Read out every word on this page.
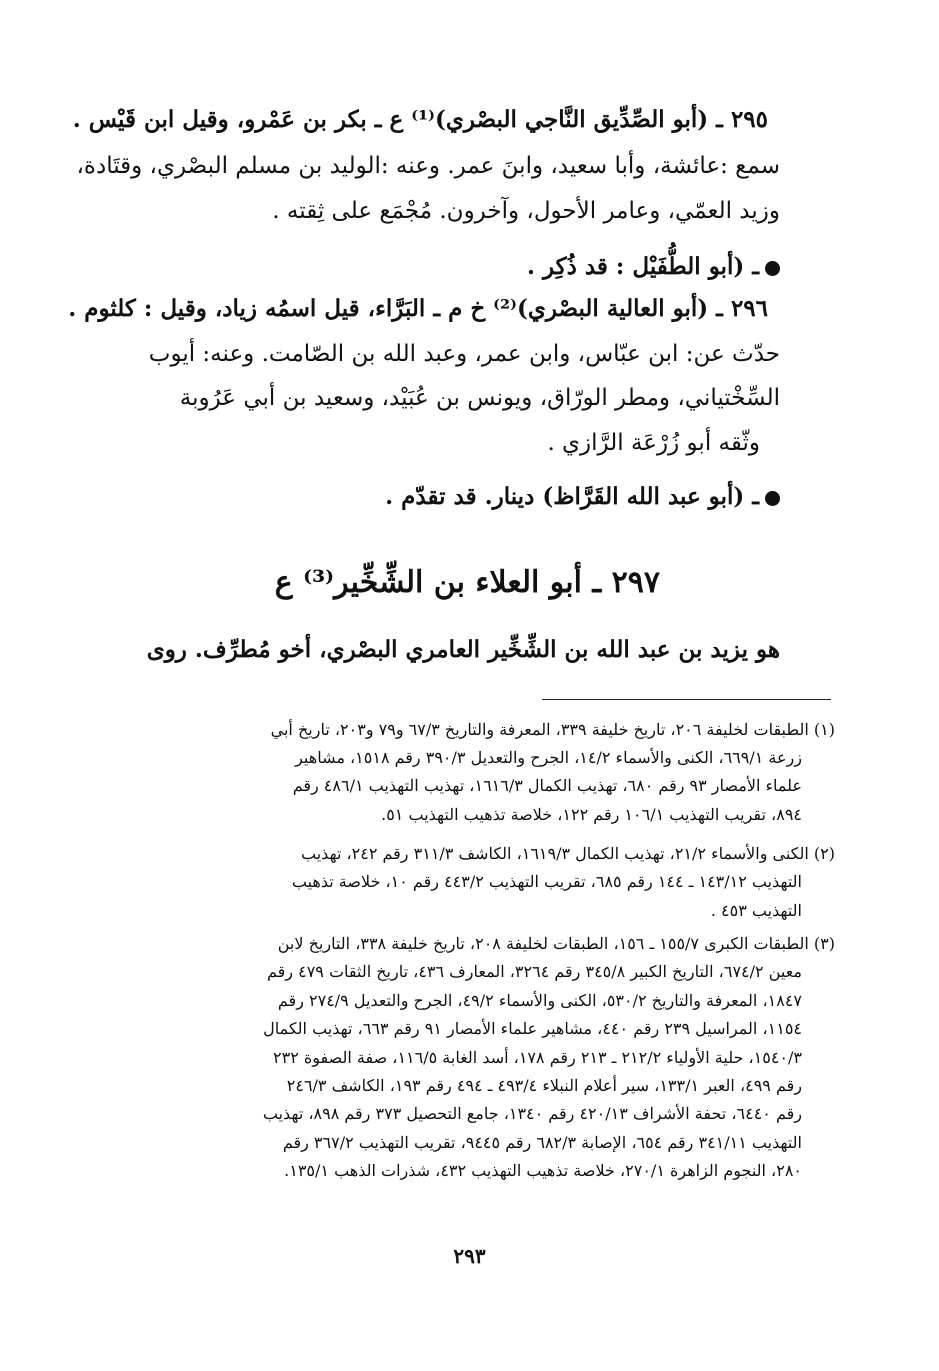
٢٩٥ ـ (أبو الصِّدِّيق النَّاجي البصْري)⁽¹⁾ ع ـ بكر بن عَمْرو، وقيل ابن قَيْس .
سمع :عائشة، وأبا سعيد، وابنَ عمر. وعنه :الوليد بن مسلم البصْري، وقتَادة،
وزيد العمّي، وعامر الأحول، وآخرون. مُجْمَع على ثِقته .
ـ (أبو الطُّفَيْل : قد ذُكِر .
٢٩٦ ـ (أبو العالية البصْري)⁽²⁾ خ م ـ البَرَّاء، قيل اسمُه زياد، وقيل : كلثوم .
حدّث عن: ابن عبّاس، وابن عمر، وعبد الله بن الصّامت. وعنه: أيوب
السِّخْتياني، ومطر الورّاق، ويونس بن عُبَيْد، وسعيد بن أبي عَرُوبة
وثّقه أبو زُرْعَة الرَّازي .
ـ (أبو عبد الله القَرَّاظ) دينار. قد تقدّم .
٢٩٧ ـ أبو العلاء بن الشِّخِّير⁽³⁾ ع
هو يزيد بن عبد الله بن الشِّخِّير العامري البصْري، أخو مُطرِّف. روى
(١) الطبقات لخليفة ٢٠٦، تاريخ خليفة ٣٣٩، المعرفة والتاريخ ٦٧/٣ و٧٩ و٢٠٣، تاريخ أبي
زرعة ٦٦٩/١، الكنى والأسماء ١٤/٢، الجرح والتعديل ٣٩٠/٣ رقم ١٥١٨، مشاهير
علماء الأمصار ٩٣ رقم ٦٨٠، تهذيب الكمال ١٦١٦/٣، تهذيب التهذيب ٤٨٦/١ رقم
٨٩٤، تقريب التهذيب ١٠٦/١ رقم ١٢٢، خلاصة تذهيب التهذيب ٥١.
(٢) الكنى والأسماء ٢١/٢، تهذيب الكمال ١٦١٩/٣، الكاشف ٣١١/٣ رقم ٢٤٢، تهذيب
التهذيب ١٤٣/١٢ ـ ١٤٤ رقم ٦٨٥، تقريب التهذيب ٤٤٣/٢ رقم ١٠، خلاصة تذهيب
التهذيب ٤٥٣ .
(٣) الطبقات الكبرى ١٥٥/٧ ـ ١٥٦، الطبقات لخليفة ٢٠٨، تاريخ خليفة ٣٣٨، التاريخ لابن
معين ٦٧٤/٢، التاريخ الكبير ٣٤٥/٨ رقم ٣٢٦٤، المعارف ٤٣٦، تاريخ الثقات ٤٧٩ رقم
١٨٤٧، المعرفة والتاريخ ٥٣٠/٢، الكنى والأسماء ٤٩/٢، الجرح والتعديل ٢٧٤/٩ رقم
١١٥٤، المراسيل ٢٣٩ رقم ٤٤٠، مشاهير علماء الأمصار ٩١ رقم ٦٦٣، تهذيب الكمال
١٥٤٠/٣، حلية الأولياء ٢١٢/٢ ـ ٢١٣ رقم ١٧٨، أسد الغابة ١١٦/٥، صفة الصفوة ٢٣٢
رقم ٤٩٩، العبر ١٣٣/١، سير أعلام النبلاء ٤٩٣/٤ ـ ٤٩٤ رقم ١٩٣، الكاشف ٢٤٦/٣
رقم ٦٤٤٠، تحفة الأشراف ٤٢٠/١٣ رقم ١٣٤٠، جامع التحصيل ٣٧٣ رقم ٨٩٨، تهذيب
التهذيب ٣٤١/١١ رقم ٦٥٤، الإصابة ٦٨٢/٣ رقم ٩٤٤٥، تقريب التهذيب ٣٦٧/٢ رقم
٢٨٠، النجوم الزاهرة ٢٧٠/١، خلاصة تذهيب التهذيب ٤٣٢، شذرات الذهب ١٣٥/١.
٢٩٣
